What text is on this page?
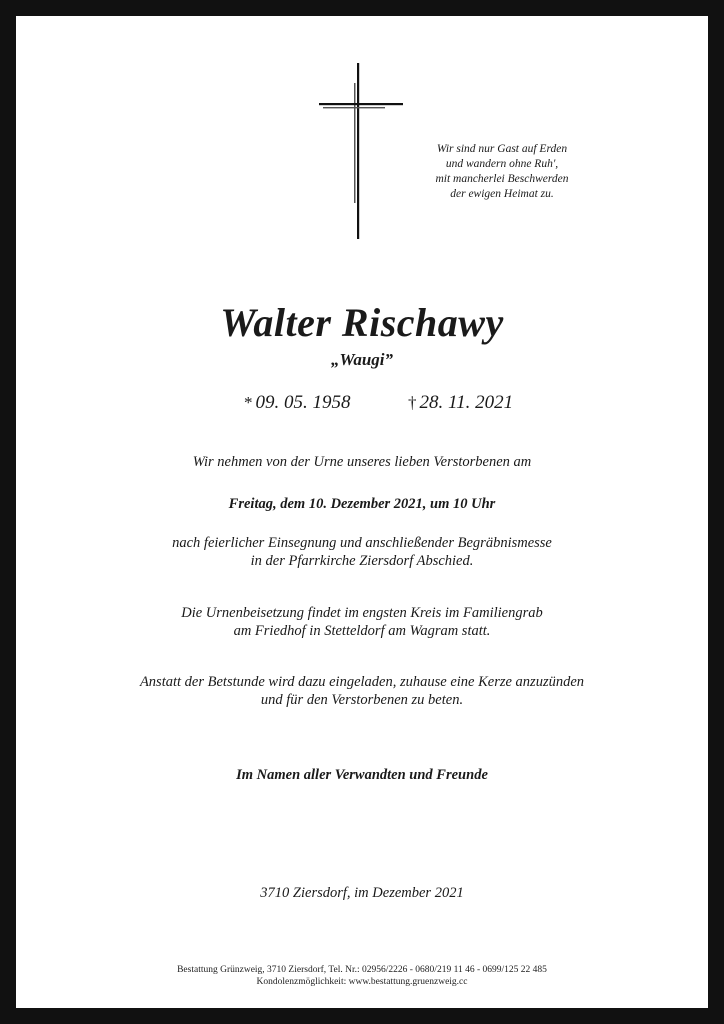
Wir sind nur Gast auf Erden
und wandern ohne Ruh',
mit mancherlei Beschwerden
der ewigen Heimat zu.
Walter Rischawy
„Waugi”
* 09. 05. 1958	† 28. 11. 2021
Wir nehmen von der Urne unseres lieben Verstorbenen am
Freitag, dem 10. Dezember 2021, um 10 Uhr
nach feierlicher Einsegnung und anschließender Begräbnismesse
in der Pfarrkirche Ziersdorf Abschied.
Die Urnenbeisetzung findet im engsten Kreis im Familiengrab
am Friedhof in Stetteldorf am Wagram statt.
Anstatt der Betstunde wird dazu eingeladen, zuhause eine Kerze anzuzünden
und für den Verstorbenen zu beten.
Im Namen aller Verwandten und Freunde
3710 Ziersdorf, im Dezember 2021
Bestattung Grünzweig, 3710 Ziersdorf, Tel. Nr.: 02956/2226 - 0680/219 11 46 - 0699/125 22 485
Kondolenzmöglichkeit: www.bestattung.gruenzweig.cc
